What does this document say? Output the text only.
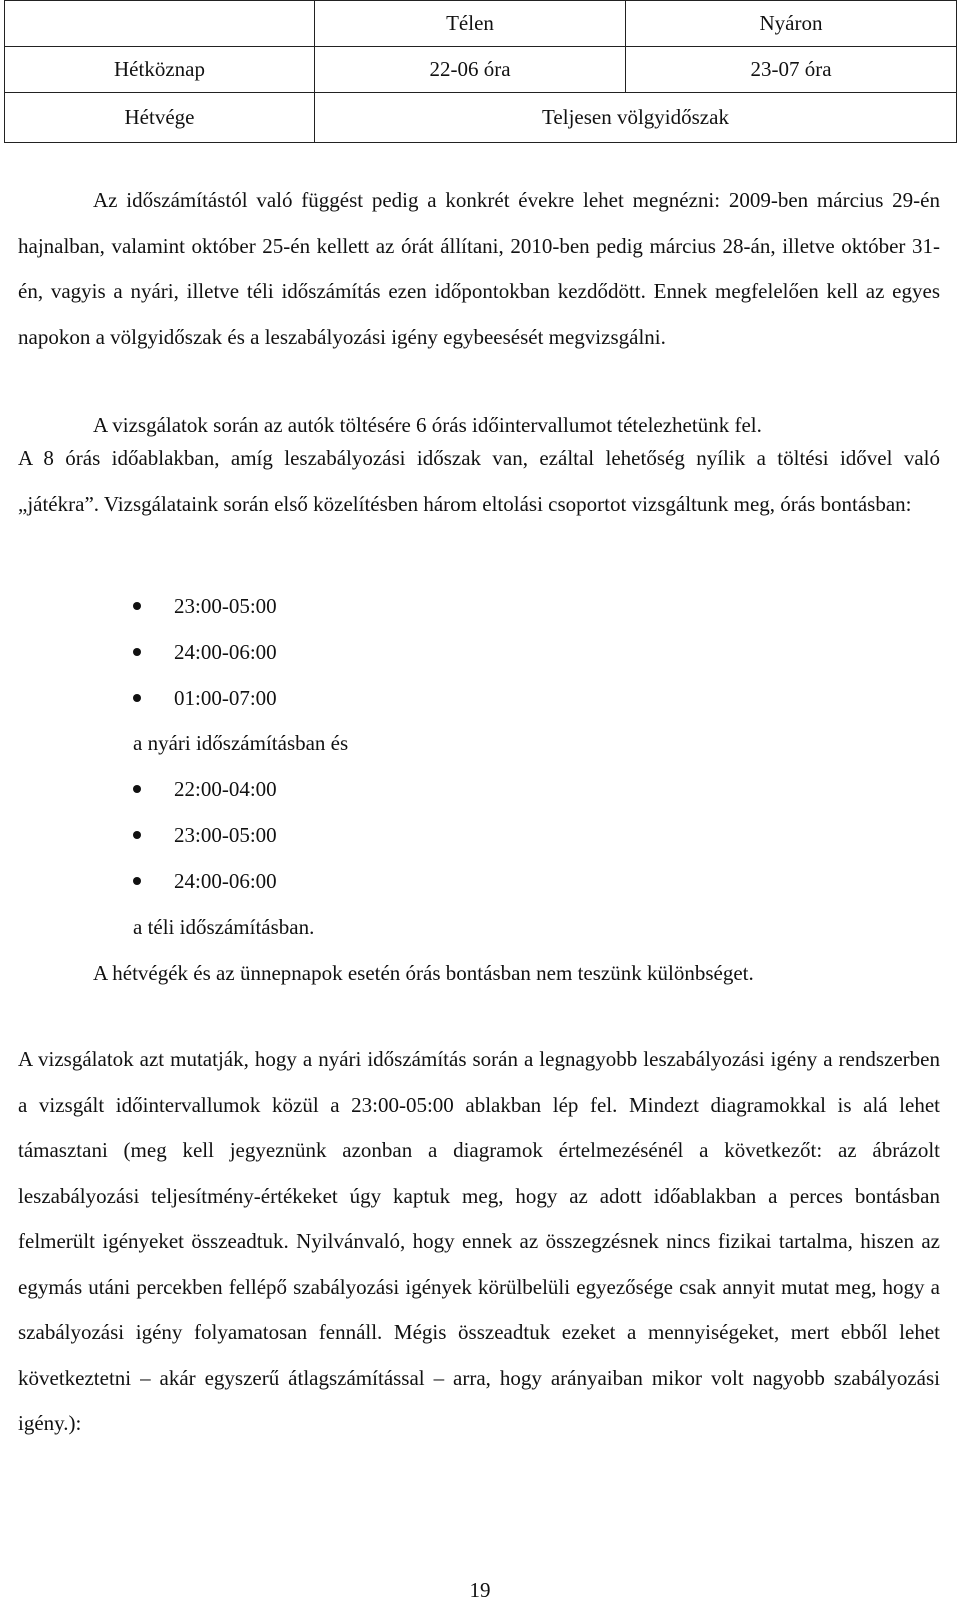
	Télen	Nyáron
Hétköznap	22-06 óra	23-07 óra
Hétvége	Teljesen völgyidőszak	

Az időszámítástól való függést pedig a konkrét évekre lehet megnézni: 2009-ben március 29-én hajnalban, valamint október 25-én kellett az órát állítani, 2010-ben pedig március 28-án, illetve október 31-én, vagyis a nyári, illetve téli időszámítás ezen időpontokban kezdődött. Ennek megfelelően kell az egyes napokon a völgyidőszak és a leszabályozási igény egybeesését megvizsgálni.

A vizsgálatok során az autók töltésére 6 órás időintervallumot tételezhetünk fel.

A 8 órás időablakban, amíg leszabályozási időszak van, ezáltal lehetőség nyílik a töltési idővel való „játékra”. Vizsgálataink során első közelítésben három eltolási csoportot vizsgáltunk meg, órás bontásban:

23:00-05:00
24:00-06:00
01:00-07:00

a nyári időszámításban és

22:00-04:00
23:00-05:00
24:00-06:00

a téli időszámításban.

A hétvégék és az ünnepnapok esetén órás bontásban nem teszünk különbséget.

A vizsgálatok azt mutatják, hogy a nyári időszámítás során a legnagyobb leszabályozási igény a rendszerben a vizsgált időintervallumok közül a 23:00-05:00 ablakban lép fel. Mindezt diagramokkal is alá lehet támasztani (meg kell jegyeznünk azonban a diagramok értelmezésénél a következőt: az ábrázolt leszabályozási teljesítmény-értékeket úgy kaptuk meg, hogy az adott időablakban a perces bontásban felmerült igényeket összeadtuk. Nyilvánvaló, hogy ennek az összegzésnek nincs fizikai tartalma, hiszen az egymás utáni percekben fellépő szabályozási igények körülbelüli egyezősége csak annyit mutat meg, hogy a szabályozási igény folyamatosan fennáll. Mégis összeadtuk ezeket a mennyiségeket, mert ebből lehet következtetni – akár egyszerű átlagszámítással – arra, hogy arányaiban mikor volt nagyobb szabályozási igény.):

19
